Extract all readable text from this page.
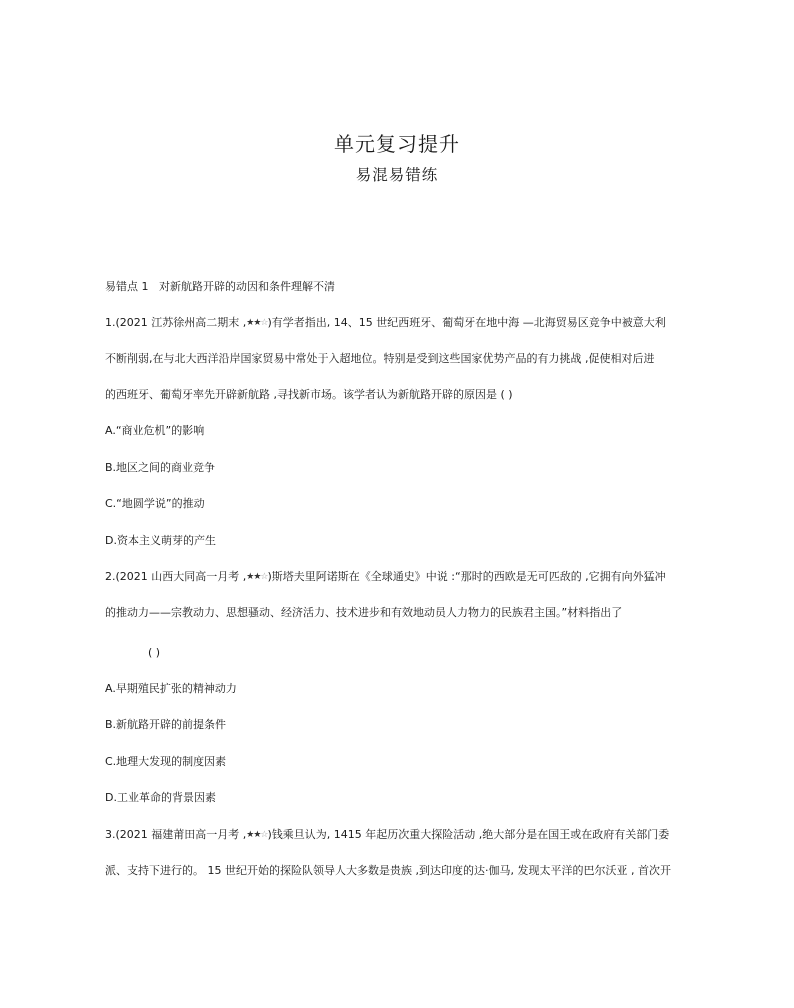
单元复习提升
易混易错练
易错点 1 对新航路开辟的动因和条件理解不清
1.(2021 江苏徐州高二期末 ,★★☆)有学者指出, 14、15 世纪西班牙、葡萄牙在地中海 —北海贸易区竞争中被意大利
不断削弱,在与北大西洋沿岸国家贸易中常处于入超地位。特别是受到这些国家优势产品的有力挑战 ,促使相对后进
的西班牙、葡萄牙率先开辟新航路 ,寻找新市场。该学者认为新航路开辟的原因是 ( )
A.“商业危机”的影响
B.地区之间的商业竞争
C.“地圆学说”的推动
D.资本主义萌芽的产生
2.(2021 山西大同高一月考 ,★★☆)斯塔夫里阿诺斯在《全球通史》中说 :“那时的西欧是无可匹敌的 ,它拥有向外猛冲
的推动力——宗教动力、思想骚动、经济活力、技术进步和有效地动员人力物力的民族君主国。”材料指出了
( )
A.早期殖民扩张的精神动力
B.新航路开辟的前提条件
C.地理大发现的制度因素
D.工业革命的背景因素
3.(2021 福建莆田高一月考 ,★★☆)钱乘旦认为, 1415 年起历次重大探险活动 ,绝大部分是在国王或在政府有关部门委
派、支持下进行的。 15 世纪开始的探险队领导人大多数是贵族 ,到达印度的达·伽马, 发现太平洋的巴尔沃亚 , 首次开
